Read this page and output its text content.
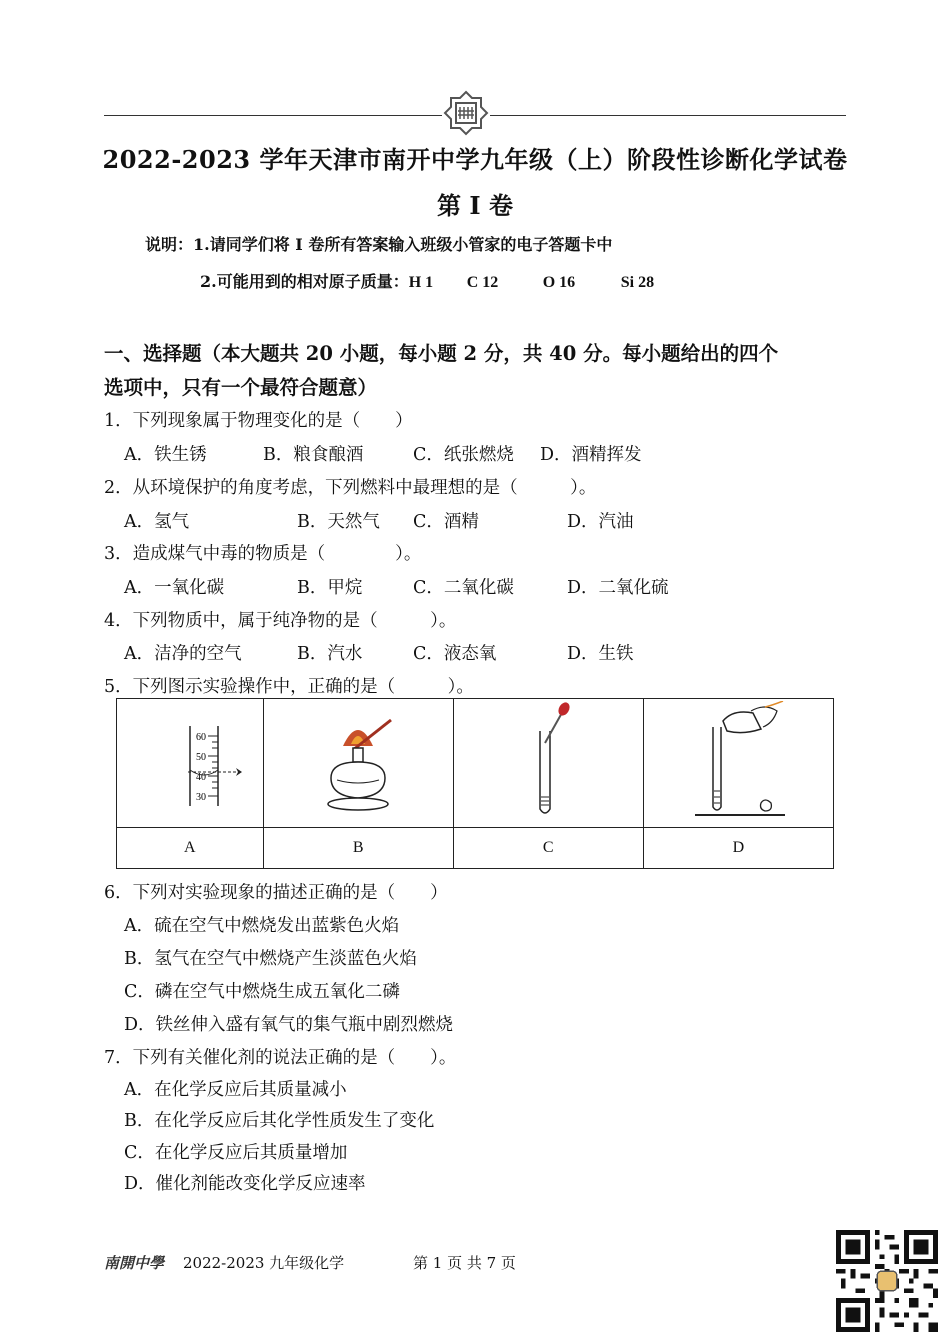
2022-2023 学年天津市南开中学九年级（上）阶段性诊断化学试卷
第 I 卷
说明：1.请同学们将 I 卷所有答案输入班级小管家的电子答题卡中
2.可能用到的相对原子质量：H 1 C 12	O 16	Si 28
一、选择题（本大题共 20 小题，每小题 2 分，共 40 分。每小题给出的四个
选项中，只有一个最符合题意）
1．下列现象属于物理变化的是（　　）
A．铁生锈	B．粮食酿酒	C．纸张燃烧 D．酒精挥发
2．从环境保护的角度考虑，下列燃料中最理想的是（　　　）。
A．氢气	B．天然气 C．酒精	D．汽油
3．造成煤气中毒的物质是（　　　　）。
A．一氧化碳	B．甲烷	C．二氧化碳	D．二氧化硫
4．下列物质中，属于纯净物的是（　　　）。
A．洁净的空气	B．汽水	C．液态氧	D．生铁
5．下列图示实验操作中，正确的是（　　　）。
60
50
40
30

A	B	C	D
6．下列对实验现象的描述正确的是（　　）
A．硫在空气中燃烧发出蓝紫色火焰
B．氢气在空气中燃烧产生淡蓝色火焰
C．磷在空气中燃烧生成五氧化二磷
D．铁丝伸入盛有氧气的集气瓶中剧烈燃烧
7．下列有关催化剂的说法正确的是（　　）。
A．在化学反应后其质量减小
B．在化学反应后其化学性质发生了变化
C．在化学反应后其质量增加
D．催化剂能改变化学反应速率
南開中學 2022-2023 九年级化学	第 1 页 共 7 页
